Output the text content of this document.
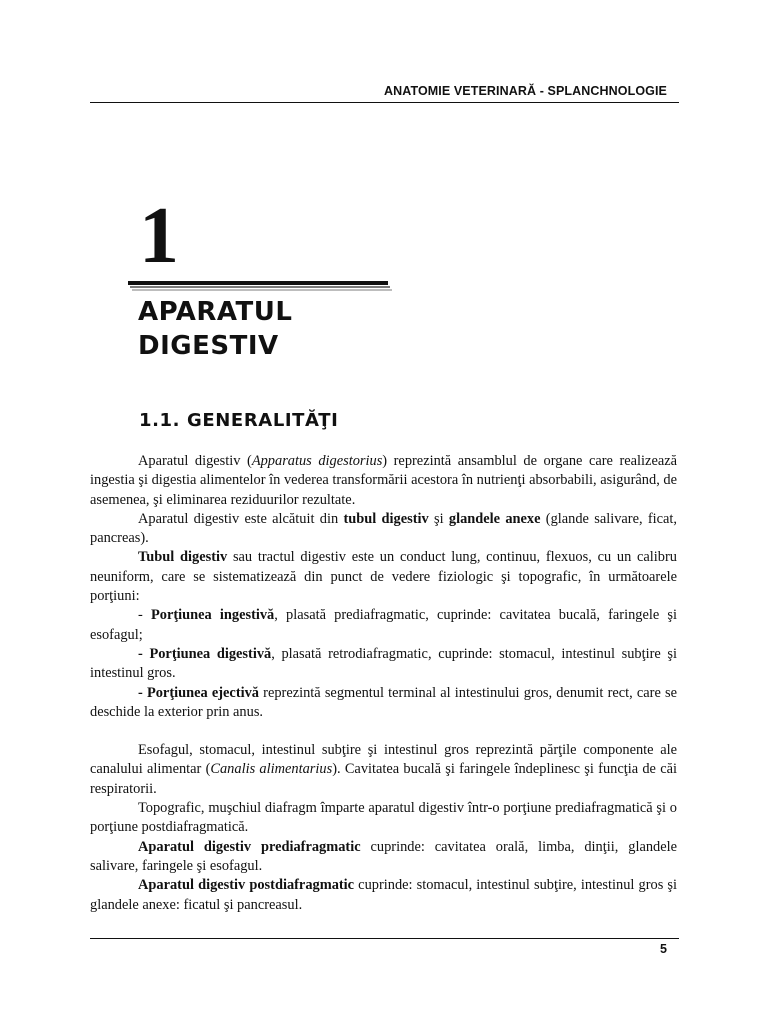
ANATOMIE VETERINARĂ - SPLANCHNOLOGIE
1
APARATUL
DIGESTIV
1.1. GENERALITĂŢI

Aparatul digestiv (Apparatus digestorius) reprezintă ansamblul de organe care realizează ingestia şi digestia alimentelor în vederea transformării acestora în nutrienţi absorbabili, asigurând, de asemenea, şi eliminarea reziduurilor rezultate.

Aparatul digestiv este alcătuit din tubul digestiv şi glandele anexe (glande salivare, ficat, pancreas).

Tubul digestiv sau tractul digestiv este un conduct lung, continuu, flexuos, cu un calibru neuniform, care se sistematizează din punct de vedere fiziologic şi topografic, în următoarele porţiuni:

- Porţiunea ingestivă, plasată prediafragmatic, cuprinde: cavitatea bucală, faringele şi esofagul;

- Porţiunea digestivă, plasată retrodiafragmatic, cuprinde: stomacul, intestinul subţire şi intestinul gros.

- Porţiunea ejectivă reprezintă segmentul terminal al intestinului gros, denumit rect, care se deschide la exterior prin anus.

Esofagul, stomacul, intestinul subţire şi intestinul gros reprezintă părţile componente ale canalului alimentar (Canalis alimentarius). Cavitatea bucală şi faringele îndeplinesc şi funcţia de căi respiratorii.

Topografic, muşchiul diafragm împarte aparatul digestiv într-o porţiune prediafragmatică şi o porţiune postdiafragmatică.

Aparatul digestiv prediafragmatic cuprinde: cavitatea orală, limba, dinţii, glandele salivare, faringele şi esofagul.

Aparatul digestiv postdiafragmatic cuprinde: stomacul, intestinul subţire, intestinul gros şi glandele anexe: ficatul şi pancreasul.

5
